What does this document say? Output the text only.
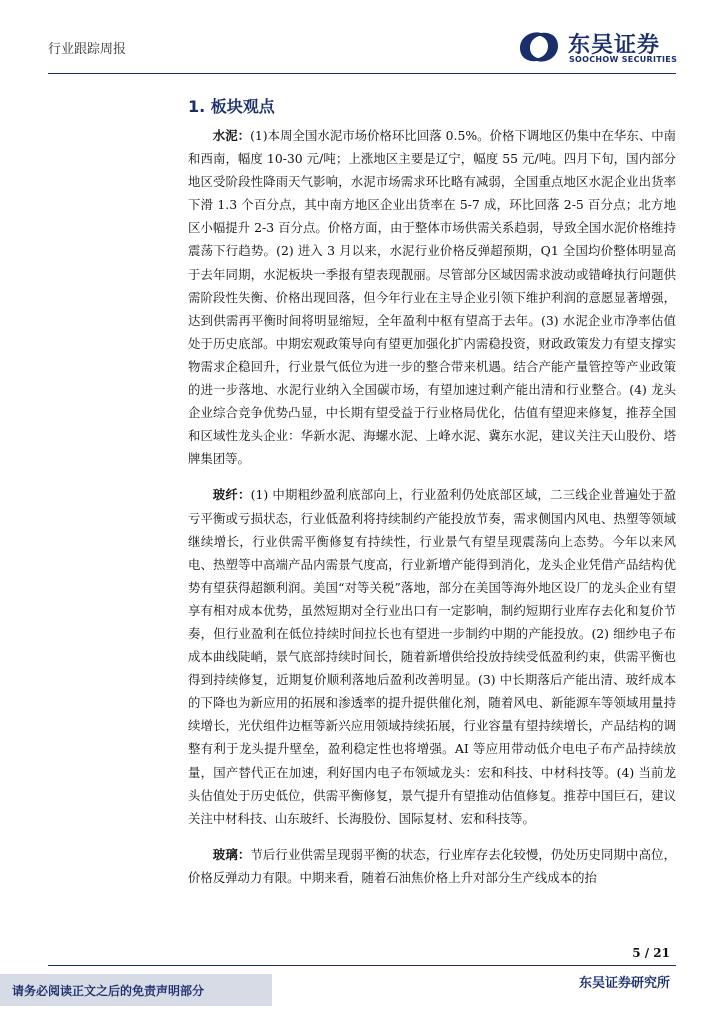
行业跟踪周报	东吴证券
SOOCHOW SECURITIES
1. 板块观点

水泥：(1)本周全国水泥市场价格环比回落 0.5%。价格下调地区仍集中在华东、中南和西南，幅度 10-30 元/吨；上涨地区主要是辽宁，幅度 55 元/吨。四月下旬，国内部分地区受阶段性降雨天气影响，水泥市场需求环比略有减弱，全国重点地区水泥企业出货率下滑 1.3 个百分点，其中南方地区企业出货率在 5-7 成，环比回落 2-5 百分点；北方地区小幅提升 2-3 百分点。价格方面，由于整体市场供需关系趋弱，导致全国水泥价格维持震荡下行趋势。(2) 进入 3 月以来，水泥行业价格反弹超预期，Q1 全国均价整体明显高于去年同期，水泥板块一季报有望表现靓丽。尽管部分区域因需求波动或错峰执行问题供需阶段性失衡、价格出现回落，但今年行业在主导企业引领下维护利润的意愿显著增强，达到供需再平衡时间将明显缩短，全年盈利中枢有望高于去年。(3) 水泥企业市净率估值处于历史底部。中期宏观政策导向有望更加强化扩内需稳投资，财政政策发力有望支撑实物需求企稳回升，行业景气低位为进一步的整合带来机遇。结合产能产量管控等产业政策的进一步落地、水泥行业纳入全国碳市场，有望加速过剩产能出清和行业整合。(4) 龙头企业综合竞争优势凸显，中长期有望受益于行业格局优化，估值有望迎来修复，推荐全国和区域性龙头企业：华新水泥、海螺水泥、上峰水泥、冀东水泥，建议关注天山股份、塔牌集团等。

玻纤：(1) 中期粗纱盈利底部向上，行业盈利仍处底部区域，二三线企业普遍处于盈亏平衡或亏损状态，行业低盈利将持续制约产能投放节奏，需求侧国内风电、热塑等领域继续增长，行业供需平衡修复有持续性，行业景气有望呈现震荡向上态势。今年以来风电、热塑等中高端产品内需景气度高，行业新增产能得到消化，龙头企业凭借产品结构优势有望获得超额利润。美国“对等关税”落地，部分在美国等海外地区设厂的龙头企业有望享有相对成本优势，虽然短期对全行业出口有一定影响，制约短期行业库存去化和复价节奏，但行业盈利在低位持续时间拉长也有望进一步制约中期的产能投放。(2) 细纱电子布成本曲线陡峭，景气底部持续时间长，随着新增供给投放持续受低盈利约束，供需平衡也得到持续修复，近期复价顺利落地后盈利改善明显。(3) 中长期落后产能出清、玻纤成本的下降也为新应用的拓展和渗透率的提升提供催化剂，随着风电、新能源车等领域用量持续增长，光伏组件边框等新兴应用领域持续拓展，行业容量有望持续增长，产品结构的调整有利于龙头提升壁垒，盈利稳定性也将增强。AI 等应用带动低介电电子布产品持续放量，国产替代正在加速，利好国内电子布领域龙头：宏和科技、中材科技等。(4) 当前龙头估值处于历史低位，供需平衡修复，景气提升有望推动估值修复。推荐中国巨石，建议关注中材科技、山东玻纤、长海股份、国际复材、宏和科技等。

玻璃：节后行业供需呈现弱平衡的状态，行业库存去化较慢，仍处历史同期中高位，价格反弹动力有限。中期来看，随着石油焦价格上升对部分生产线成本的抬

5 / 21
东吴证券研究所
请务必阅读正文之后的免责声明部分
